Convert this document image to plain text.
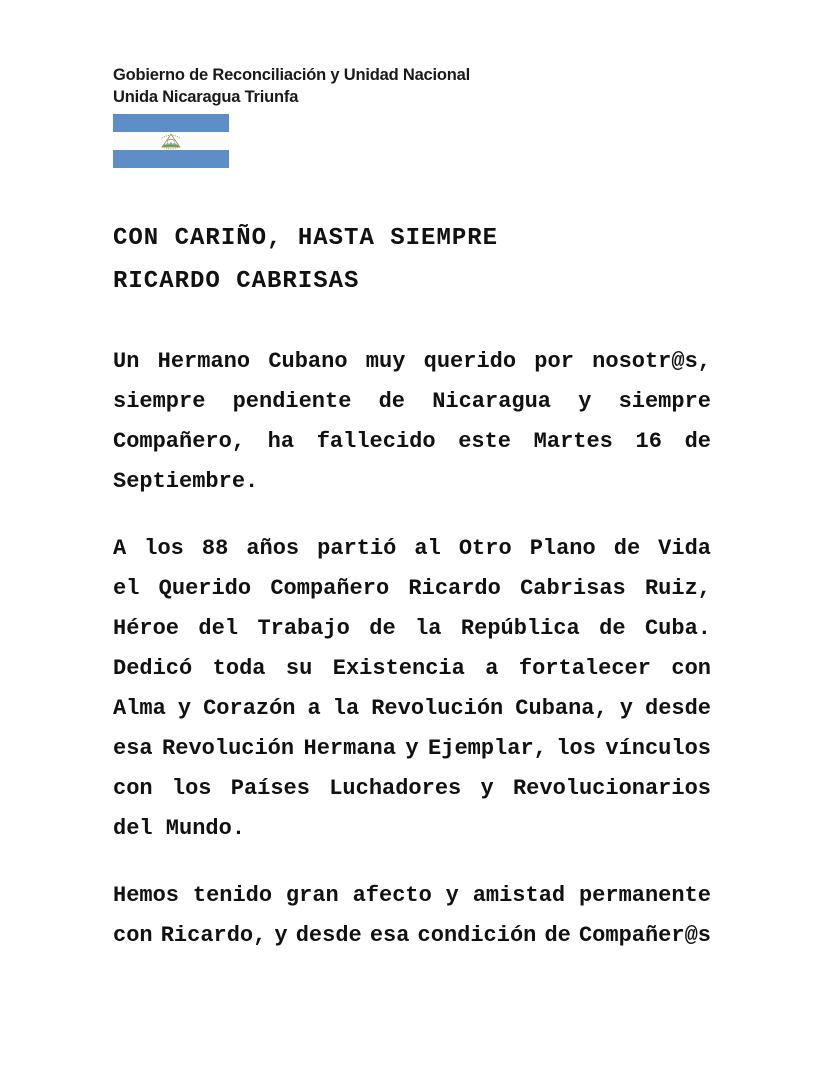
Gobierno de Reconciliación y Unidad Nacional
Unida Nicaragua Triunfa
CON CARIÑO, HASTA SIEMPRE
RICARDO CABRISAS
Un Hermano Cubano muy querido por nosotr@s,
siempre pendiente de Nicaragua y siempre
Compañero, ha fallecido este Martes 16 de
Septiembre.
A los 88 años partió al Otro Plano de Vida
el Querido Compañero Ricardo Cabrisas Ruiz,
Héroe del Trabajo de la República de Cuba.
Dedicó toda su Existencia a fortalecer con
Alma y Corazón a la Revolución Cubana, y desde
esa Revolución Hermana y Ejemplar, los vínculos
con los Países Luchadores y Revolucionarios
del Mundo.
Hemos tenido gran afecto y amistad permanente
con Ricardo, y desde esa condición de Compañer@s
